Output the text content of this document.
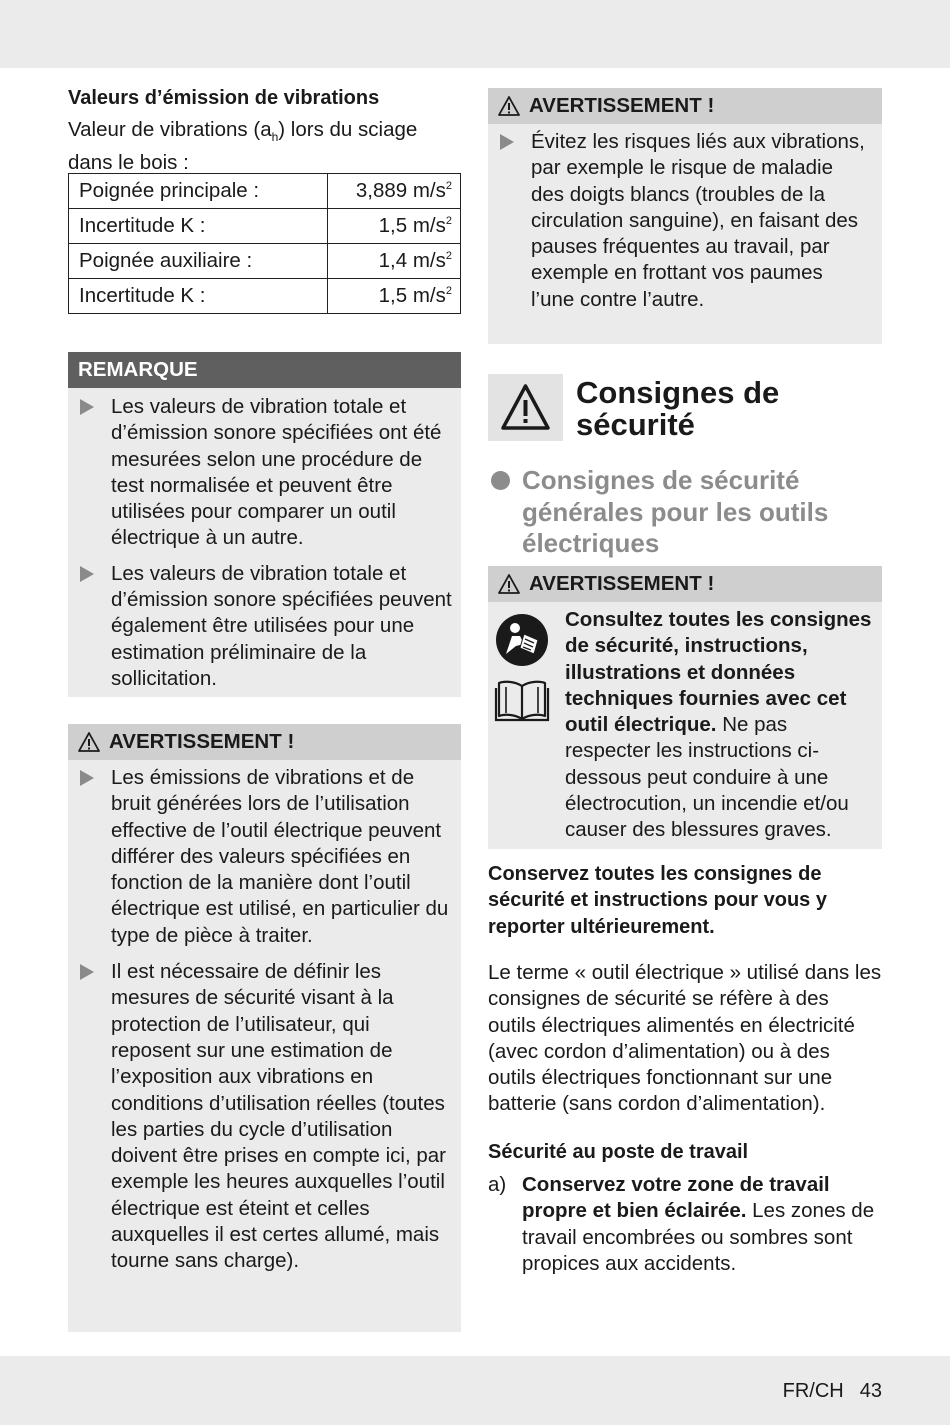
Valeurs d’émission de vibrations
Valeur de vibrations $(a_h)$ lors du sciage dans le bois :
Poignée principale :	3,889 $m/s^2$
Incertitude K :	1,5 $m/s^2$
Poignée auxiliaire :	1,4 $m/s^2$
Incertitude K :	1,5 $m/s^2$
REMARQUE
Les valeurs de vibration totale et d’émission sonore spécifiées ont été mesurées selon une procédure de test normalisée et peuvent être utilisées pour comparer un outil électrique à un autre.
Les valeurs de vibration totale et d’émission sonore spécifiées peuvent également être utilisées pour une estimation préliminaire de la sollicitation.
AVERTISSEMENT !
Les émissions de vibrations et de bruit générées lors de l’utilisation effective de l’outil électrique peuvent différer des valeurs spécifiées en fonction de la manière dont l’outil électrique est utilisé, en particulier du type de pièce à traiter.
Il est nécessaire de définir les mesures de sécurité visant à la protection de l’utilisateur, qui reposent sur une estimation de l’exposition aux vibrations en conditions d’utilisation réelles (toutes les parties du cycle d’utilisation doivent être prises en compte ici, par exemple les heures auxquelles l’outil électrique est éteint et celles auxquelles il est certes allumé, mais tourne sans charge).
AVERTISSEMENT !
Évitez les risques liés aux vibrations, par exemple le risque de maladie des doigts blancs (troubles de la circulation sanguine), en faisant des pauses fréquentes au travail, par exemple en frottant vos paumes l’une contre l’autre.
Consignes de sécurité
Consignes de sécurité générales pour les outils électriques
AVERTISSEMENT !
Consultez toutes les consignes de sécurité, instructions, illustrations et données techniques fournies avec cet outil électrique. Ne pas respecter les instructions ci-dessous peut conduire à une électrocution, un incendie et/ou causer des blessures graves.
Conservez toutes les consignes de sécurité et instructions pour vous y reporter ultérieurement.
Le terme « outil électrique » utilisé dans les consignes de sécurité se réfère à des outils électriques alimentés en électricité (avec cordon d’alimentation) ou à des outils électriques fonctionnant sur une batterie (sans cordon d’alimentation).
Sécurité au poste de travail
a) Conservez votre zone de travail propre et bien éclairée. Les zones de travail encombrées ou sombres sont propices aux accidents.
FR/CH 43
